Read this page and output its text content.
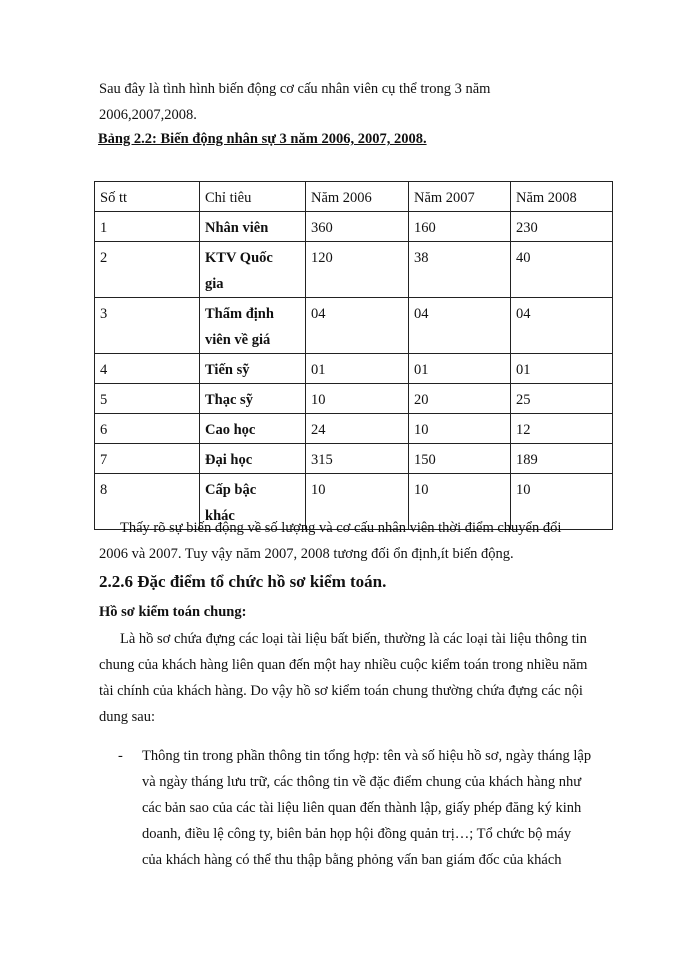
Sau đây là tình hình biến động cơ cấu nhân viên cụ thể trong 3 năm
2006,2007,2008.
Bảng 2.2: Biến động nhân sự 3 năm 2006, 2007, 2008.
Số tt	Chỉ tiêu	Năm 2006	Năm 2007	Năm 2008
1	Nhân viên	360	160	230
2	KTV Quốc
gia	120	38	40
3	Thẩm định
viên về giá	04	04	04
4	Tiến sỹ	01	01	01
5	Thạc sỹ	10	20	25
6	Cao học	24	10	12
7	Đại học	315	150	189
8	Cấp bậc
khác	10	10	10
Thấy rõ sự biến động về số lượng và cơ cấu nhân viên thời điểm chuyển đổi
2006 và 2007. Tuy vậy năm 2007, 2008 tương đối ổn định,ít biến động.
2.2.6 Đặc điểm tổ chức hồ sơ kiểm toán.
Hồ sơ kiểm toán chung:
Là hồ sơ chứa đựng các loại tài liệu bất biến, thường là các loại tài liệu thông tin
chung của khách hàng liên quan đến một hay nhiều cuộc kiểm toán trong nhiều năm
tài chính của khách hàng. Do vậy hồ sơ kiểm toán chung thường chứa đựng các nội
dung sau:
- Thông tin trong phần thông tin tổng hợp: tên và số hiệu hồ sơ, ngày tháng lập
và ngày tháng lưu trữ, các thông tin về đặc điểm chung của khách hàng như
các bản sao của các tài liệu liên quan đến thành lập, giấy phép đăng ký kinh
doanh, điều lệ công ty, biên bản họp hội đồng quản trị…; Tổ chức bộ máy
của khách hàng có thể thu thập bằng phỏng vấn ban giám đốc của khách
